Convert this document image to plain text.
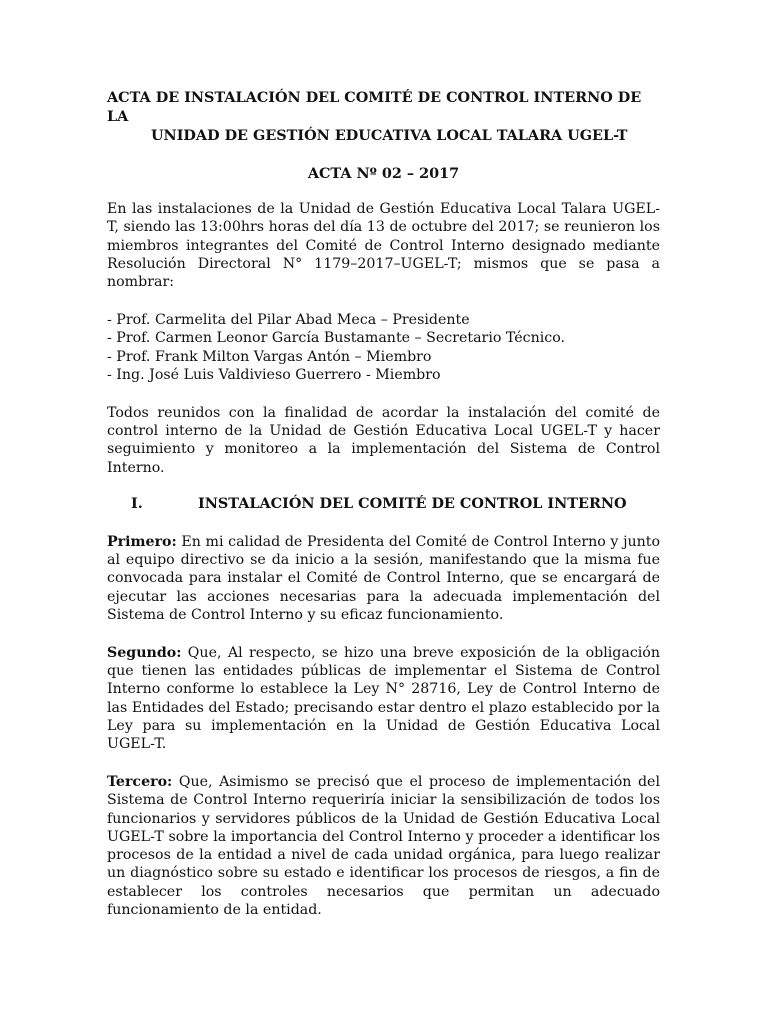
ACTA DE INSTALACIÓN DEL COMITÉ DE CONTROL INTERNO DE LA
UNIDAD DE GESTIÓN EDUCATIVA LOCAL TALARA UGEL-T
ACTA Nº 02 – 2017

En las instalaciones de la Unidad de Gestión Educativa Local Talara UGEL-T, siendo las 13:00hrs horas del día 13 de octubre del 2017; se reunieron los miembros integrantes del Comité de Control Interno designado mediante Resolución Directoral N° 1179–2017–UGEL-T; mismos que se pasa a nombrar:

- Prof. Carmelita del Pilar Abad Meca – Presidente
- Prof. Carmen Leonor García Bustamante – Secretario Técnico.
- Prof. Frank Milton Vargas Antón – Miembro
- Ing. José Luis Valdivieso Guerrero - Miembro

Todos reunidos con la finalidad de acordar la instalación del comité de control interno de la Unidad de Gestión Educativa Local UGEL-T y hacer seguimiento y monitoreo a la implementación del Sistema de Control Interno.

I.	INSTALACIÓN DEL COMITÉ DE CONTROL INTERNO

Primero: En mi calidad de Presidenta del Comité de Control Interno y junto al equipo directivo se da inicio a la sesión, manifestando que la misma fue convocada para instalar el Comité de Control Interno, que se encargará de ejecutar las acciones necesarias para la adecuada implementación del Sistema de Control Interno y su eficaz funcionamiento.

Segundo: Que, Al respecto, se hizo una breve exposición de la obligación que tienen las entidades públicas de implementar el Sistema de Control Interno conforme lo establece la Ley N° 28716, Ley de Control Interno de las Entidades del Estado; precisando estar dentro el plazo establecido por la Ley para su implementación en la Unidad de Gestión Educativa Local UGEL-T.

Tercero: Que, Asimismo se precisó que el proceso de implementación del Sistema de Control Interno requeriría iniciar la sensibilización de todos los funcionarios y servidores públicos de la Unidad de Gestión Educativa Local UGEL-T sobre la importancia del Control Interno y proceder a identificar los procesos de la entidad a nivel de cada unidad orgánica, para luego realizar un diagnóstico sobre su estado e identificar los procesos de riesgos, a fin de establecer los controles necesarios que permitan un adecuado funcionamiento de la entidad.
